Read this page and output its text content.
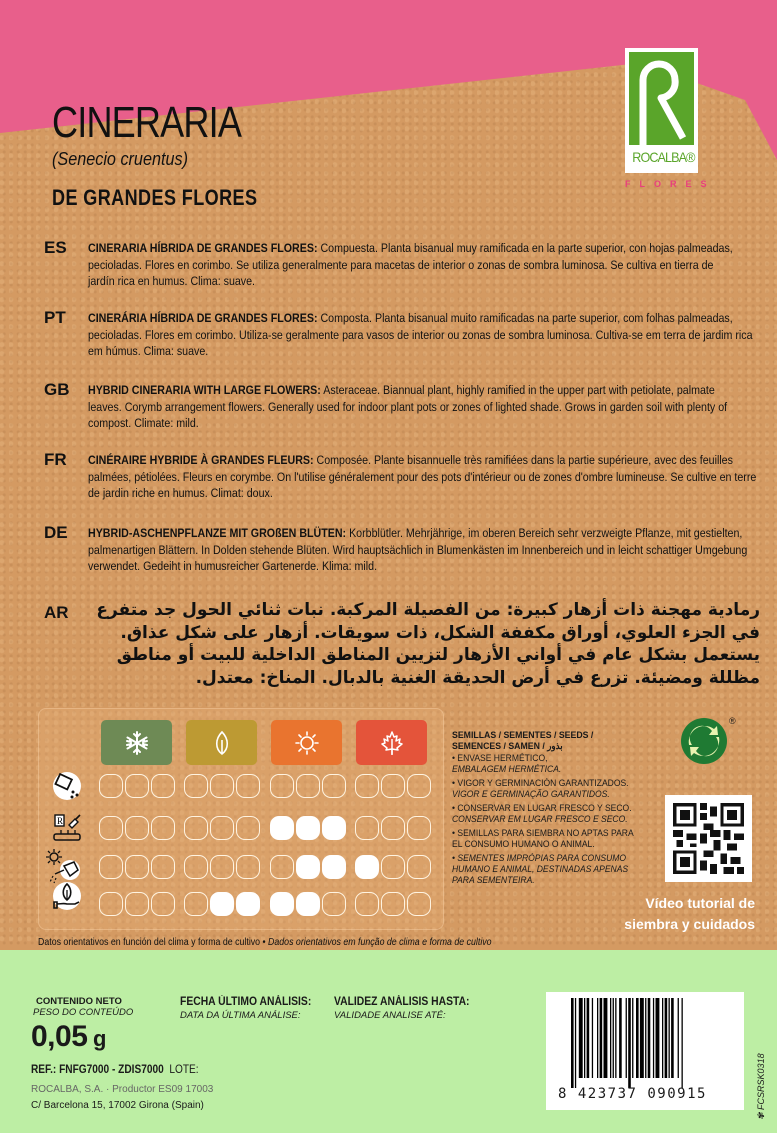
CINERARIA
(Senecio cruentus)
DE GRANDES FLORES
ROCALBA®
FLORES
ES CINERARIA HÍBRIDA DE GRANDES FLORES: Compuesta. Planta bisanual muy ramificada en la parte superior, con hojas palmeadas, pecioladas. Flores en corimbo. Se utiliza generalmente para macetas de interior o zonas de sombra luminosa. Se cultiva en tierra de jardín rica en humus. Clima: suave.
PT CINERÁRIA HÍBRIDA DE GRANDES FLORES: Composta. Planta bisanual muito ramificadas na parte superior, com folhas palmeadas, pecioladas. Flores em corimbo. Utiliza-se geralmente para vasos de interior ou zonas de sombra luminosa. Cultiva-se em terra de jardim rica em húmus. Clima: suave.
GB HYBRID CINERARIA WITH LARGE FLOWERS: Asteraceae. Biannual plant, highly ramified in the upper part with petiolate, palmate leaves. Corymb arrangement flowers. Generally used for indoor plant pots or zones of lighted shade. Grows in garden soil with plenty of compost. Climate: mild.
FR CINÉRAIRE HYBRIDE À GRANDES FLEURS: Composée. Plante bisannuelle très ramifiées dans la partie supérieure, avec des feuilles palmées, pétiolées. Fleurs en corymbe. On l'utilise généralement pour des pots d'intérieur ou de zones d'ombre lumineuse. Se cultive en terre de jardin riche en humus. Climat: doux.
DE HYBRID-ASCHENPFLANZE MIT GROßEN BLÜTEN: Korbblütler. Mehrjährige, im oberen Bereich sehr verzweigte Pflanze, mit gestielten, palmenartigen Blättern. In Dolden stehende Blüten. Wird hauptsächlich in Blumenkästen im Innenbereich und in leicht schattiger Umgebung verwendet. Gedeiht in humusreicher Gartenerde. Klima: mild.
AR	رمادية مهجنة ذات أزهار كبيرة: من الفصيلة المركبة. نبات ثنائي الحول جد متفرع في الجزء العلوي، أوراق مكففة الشكل، ذات سويقات. أزهار على شكل عذاق. يستعمل بشكل عام في أواني الأزهار لتزيين المناطق الداخلية للبيت أو مناطق مظللة ومضيئة. تزرع في أرض الحديقة الغنية بالدبال. المناخ: معتدل.
R
SEMILLAS / SEMENTES / SEEDS /
SEMENCES / SAMEN / بذور
• ENVASE HERMÉTICO,
EMBALAGEM HERMÉTICA.
• VIGOR Y GERMINACIÓN GARANTIZADOS.
VIGOR E GERMINAÇÃO GARANTIDOS.
• CONSERVAR EN LUGAR FRESCO Y SECO.
CONSERVAR EM LUGAR FRESCO E SECO.
• SEMILLAS PARA SIEMBRA NO APTAS PARA EL CONSUMO HUMANO O ANIMAL.
• SEMENTES IMPRÓPIAS PARA CONSUMO HUMANO E ANIMAL, DESTINADAS APENAS PARA SEMENTEIRA.
®
Vídeo tutorial de
siembra y cuidados
Datos orientativos en función del clima y forma de cultivo • Dados orientativos em função de clima e forma de cultivo
CONTENIDO NETO
PESO DO CONTEÚDO
0,05 g
FECHA ÚLTIMO ANÁLISIS:
DATA DA ÚLTIMA ANÁLISE:
VALIDEZ ANÁLISIS HASTA:
VALIDADE ANALISE ATÉ:
REF.: FNFG7000 - ZDIS7000  LOTE:
ROCALBA, S.A. · Productor ES09 17003
C/ Barcelona 15, 17002 Girona (Spain)
8 423737 090915
✾ FCSRSK0318
